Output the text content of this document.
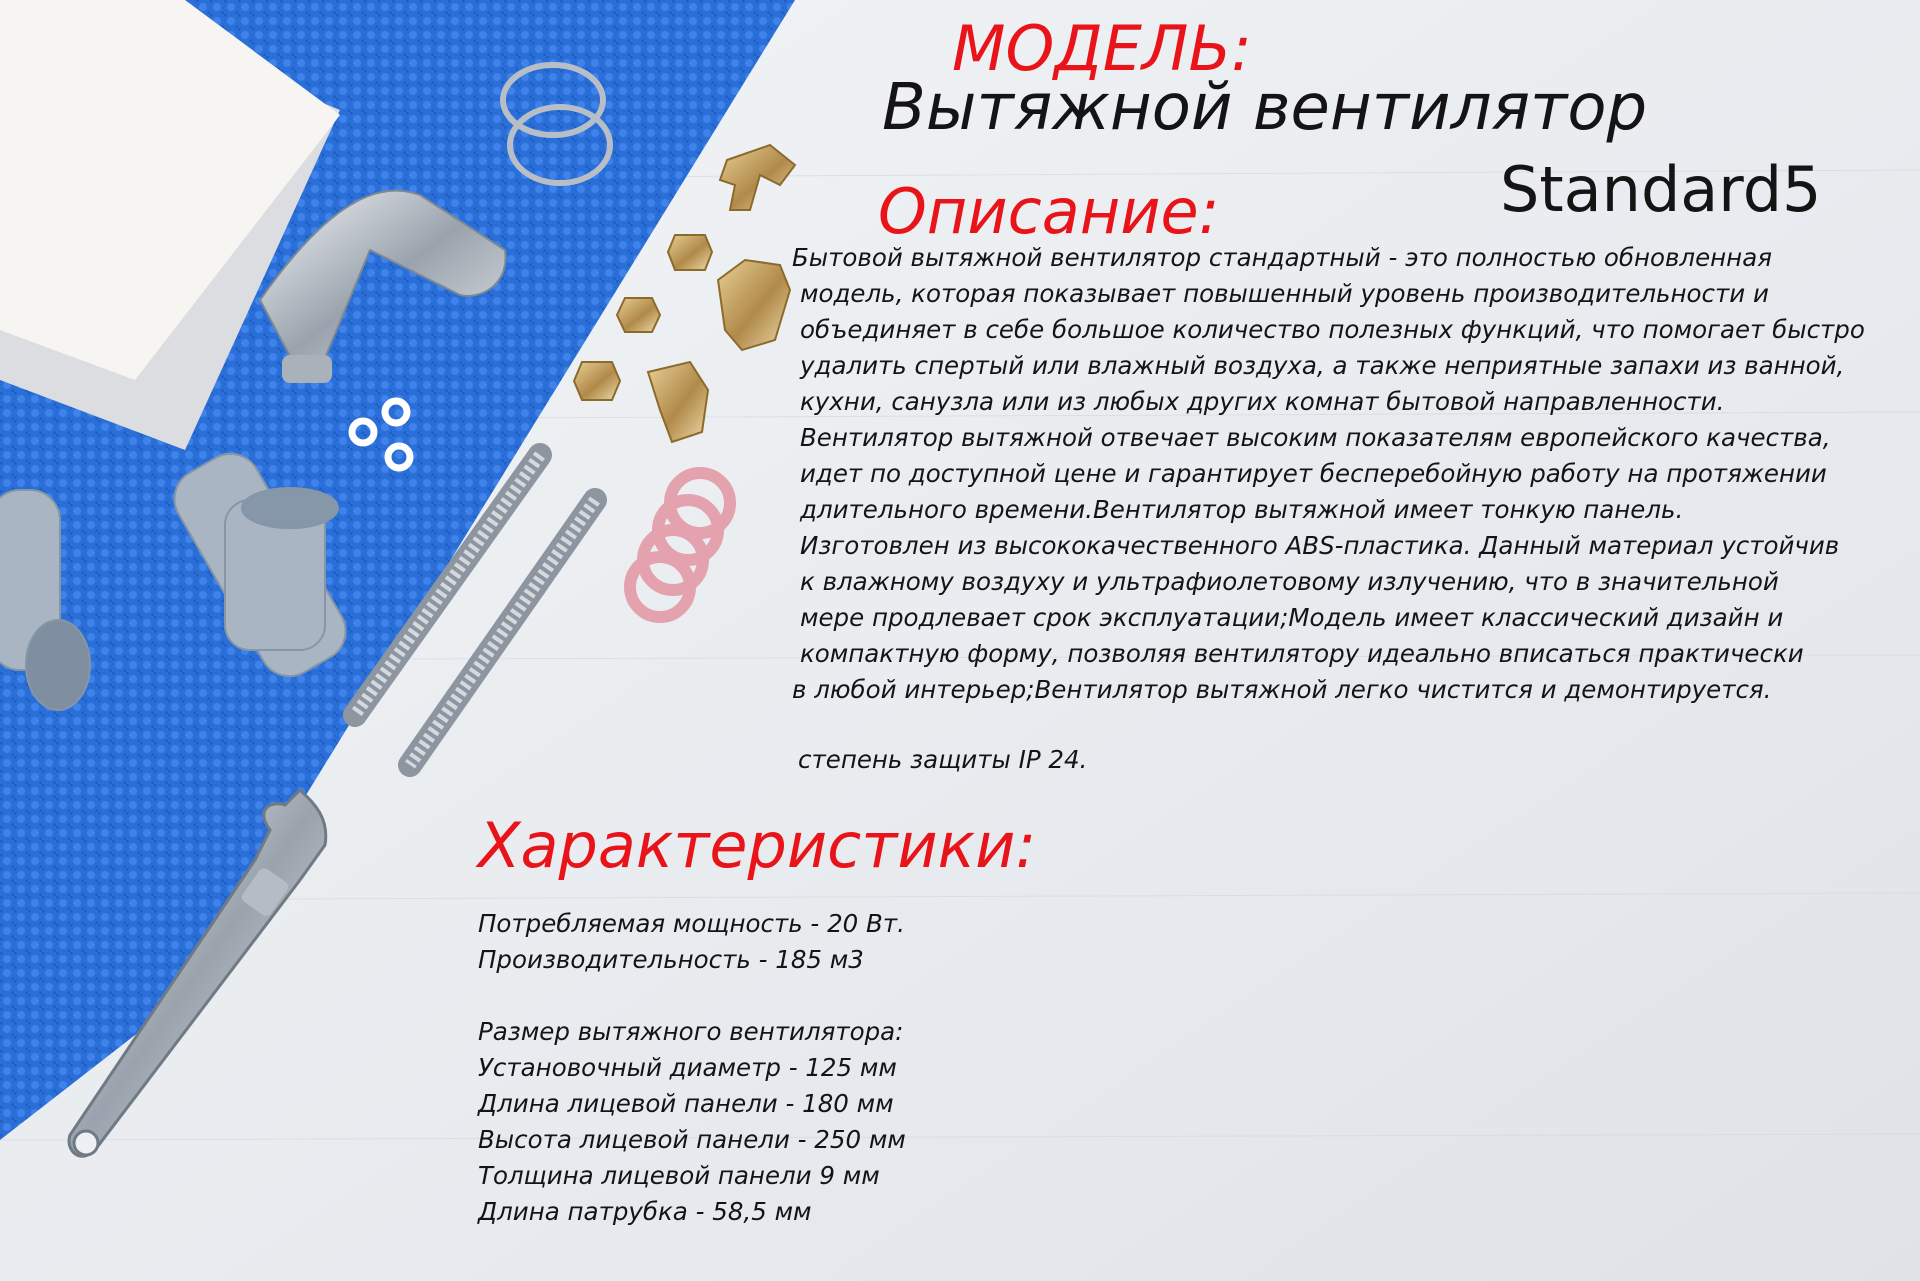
МОДЕЛЬ:
Вытяжной вентилятор
Standard5
Описание:
Бытовой вытяжной вентилятор стандартный - это полностью обновленная
модель, которая показывает повышенный уровень производительности и
объединяет в себе большое количество полезных функций, что помогает быстро
удалить спертый или влажный воздуха, а также неприятные запахи из ванной,
кухни, санузла или из любых других комнат бытовой направленности.
Вентилятор вытяжной отвечает высоким показателям европейского качества,
идет по доступной цене и гарантирует бесперебойную работу на протяжении
длительного времени.Вентилятор вытяжной имеет тонкую панель.
Изготовлен из высококачественного ABS-пластика. Данный материал устойчив
к влажному воздуху и ультрафиолетовому излучению, что в значительной
мере продлевает срок эксплуатации;Модель имеет классический дизайн и
компактную форму, позволяя вентилятору идеально вписаться практически
в любой интерьер;Вентилятор вытяжной легко чистится и демонтируется.
степень защиты IP 24.
Характеристики:
Потребляемая мощность - 20 Вт.
Производительность - 185 м3
Размер вытяжного вентилятора:
Установочный диаметр - 125 мм
Длина лицевой панели - 180 мм
Высота лицевой панели - 250 мм
Толщина лицевой панели 9 мм
Длина патрубка - 58,5 мм
